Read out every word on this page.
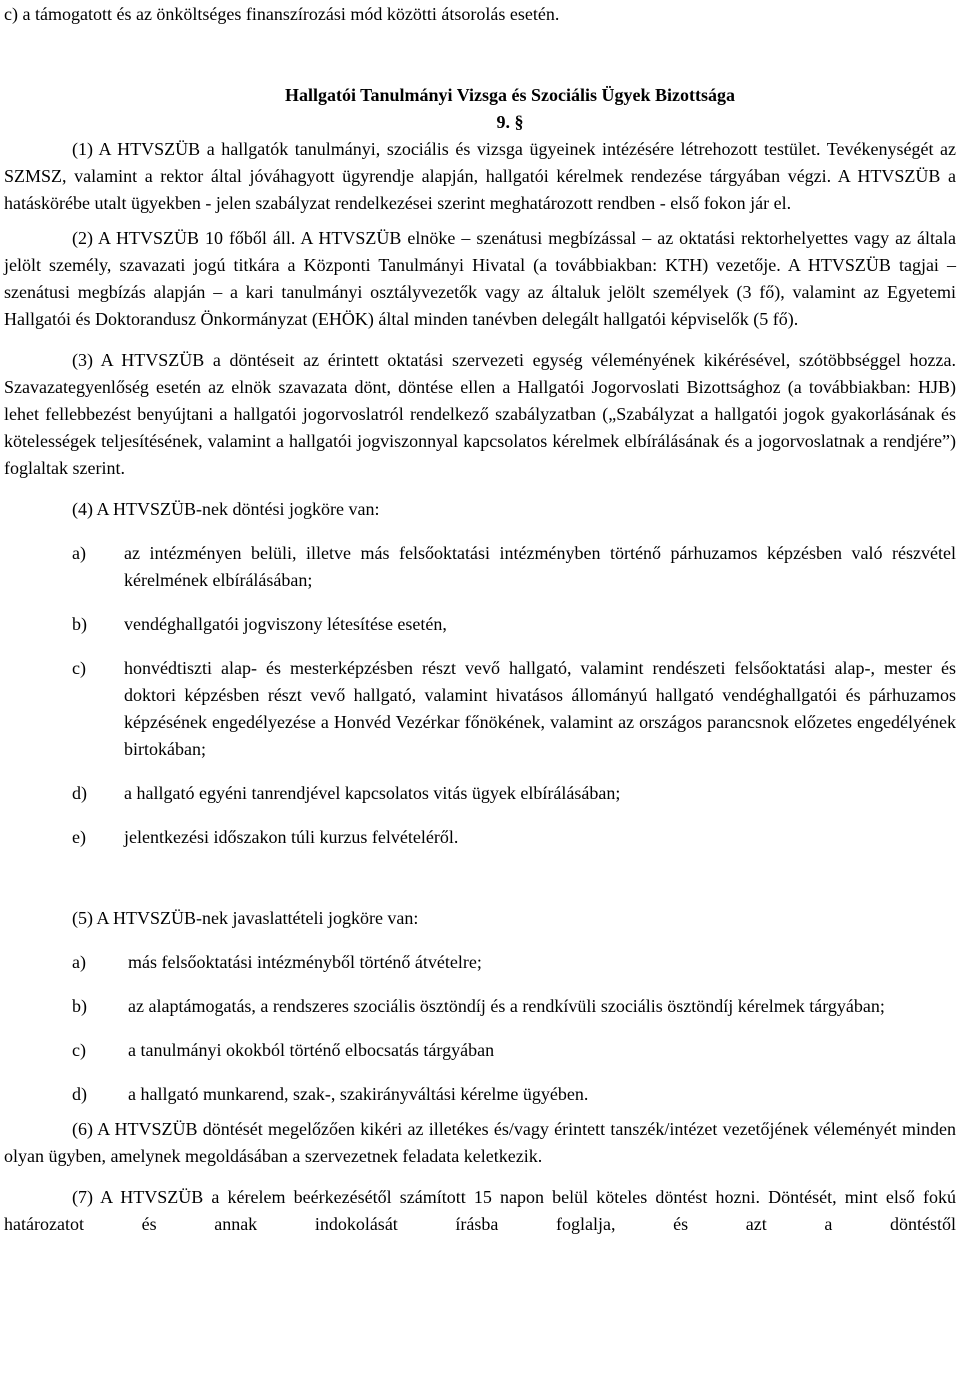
c) a támogatott és az önköltséges finanszírozási mód közötti átsorolás esetén.

Hallgatói Tanulmányi Vizsga és Szociális Ügyek Bizottsága

9. §

(1) A HTVSZÜB a hallgatók tanulmányi, szociális és vizsga ügyeinek intézésére létrehozott testület. Tevékenységét az SZMSZ, valamint a rektor által jóváhagyott ügyrendje alapján, hallgatói kérelmek rendezése tárgyában végzi. A HTVSZÜB a hatáskörébe utalt ügyekben - jelen szabályzat rendelkezései szerint meghatározott rendben - első fokon jár el.

(2) A HTVSZÜB 10 főből áll. A HTVSZÜB elnöke – szenátusi megbízással – az oktatási rektorhelyettes vagy az általa jelölt személy, szavazati jogú titkára a Központi Tanulmányi Hivatal (a továbbiakban: KTH) vezetője. A HTVSZÜB tagjai – szenátusi megbízás alapján – a kari tanulmányi osztályvezetők vagy az általuk jelölt személyek (3 fő), valamint az Egyetemi Hallgatói és Doktorandusz Önkormányzat (EHÖK) által minden tanévben delegált hallgatói képviselők (5 fő).

(3) A HTVSZÜB a döntéseit az érintett oktatási szervezeti egység véleményének kikérésével, szótöbbséggel hozza. Szavazategyenlőség esetén az elnök szavazata dönt, döntése ellen a Hallgatói Jogorvoslati Bizottsághoz (a továbbiakban: HJB) lehet fellebbezést benyújtani a hallgatói jogorvoslatról rendelkező szabályzatban („Szabályzat a hallgatói jogok gyakorlásának és kötelességek teljesítésének, valamint a hallgatói jogviszonnyal kapcsolatos kérelmek elbírálásának és a jogorvoslatnak a rendjére”) foglaltak szerint.

(4) A HTVSZÜB-nek döntési jogköre van:

a)	az intézményen belüli, illetve más felsőoktatási intézményben történő párhuzamos képzésben való részvétel kérelmének elbírálásában;
b)	vendéghallgatói jogviszony létesítése esetén,
c)	honvédtiszti alap- és mesterképzésben részt vevő hallgató, valamint rendészeti felsőoktatási alap-, mester és doktori képzésben részt vevő hallgató, valamint hivatásos állományú hallgató vendéghallgatói és párhuzamos képzésének engedélyezése a Honvéd Vezérkar főnökének, valamint az országos parancsnok előzetes engedélyének birtokában;
d)	a hallgató egyéni tanrendjével kapcsolatos vitás ügyek elbírálásában;
e)	jelentkezési időszakon túli kurzus felvételéről.

(5) A HTVSZÜB-nek javaslattételi jogköre van:

a)	más felsőoktatási intézményből történő átvételre;
b)	az alaptámogatás, a rendszeres szociális ösztöndíj és a rendkívüli szociális ösztöndíj kérelmek tárgyában;
c)	a tanulmányi okokból történő elbocsatás tárgyában
d)	a hallgató munkarend, szak-, szakirányváltási kérelme ügyében.

(6) A HTVSZÜB döntését megelőzően kikéri az illetékes és/vagy érintett tanszék/intézet vezetőjének véleményét minden olyan ügyben, amelynek megoldásában a szervezetnek feladata keletkezik.

(7) A HTVSZÜB a kérelem beérkezésétől számított 15 napon belül köteles döntést hozni. Döntését, mint első fokú határozatot és annak indokolását írásba foglalja, és azt a döntéstől
